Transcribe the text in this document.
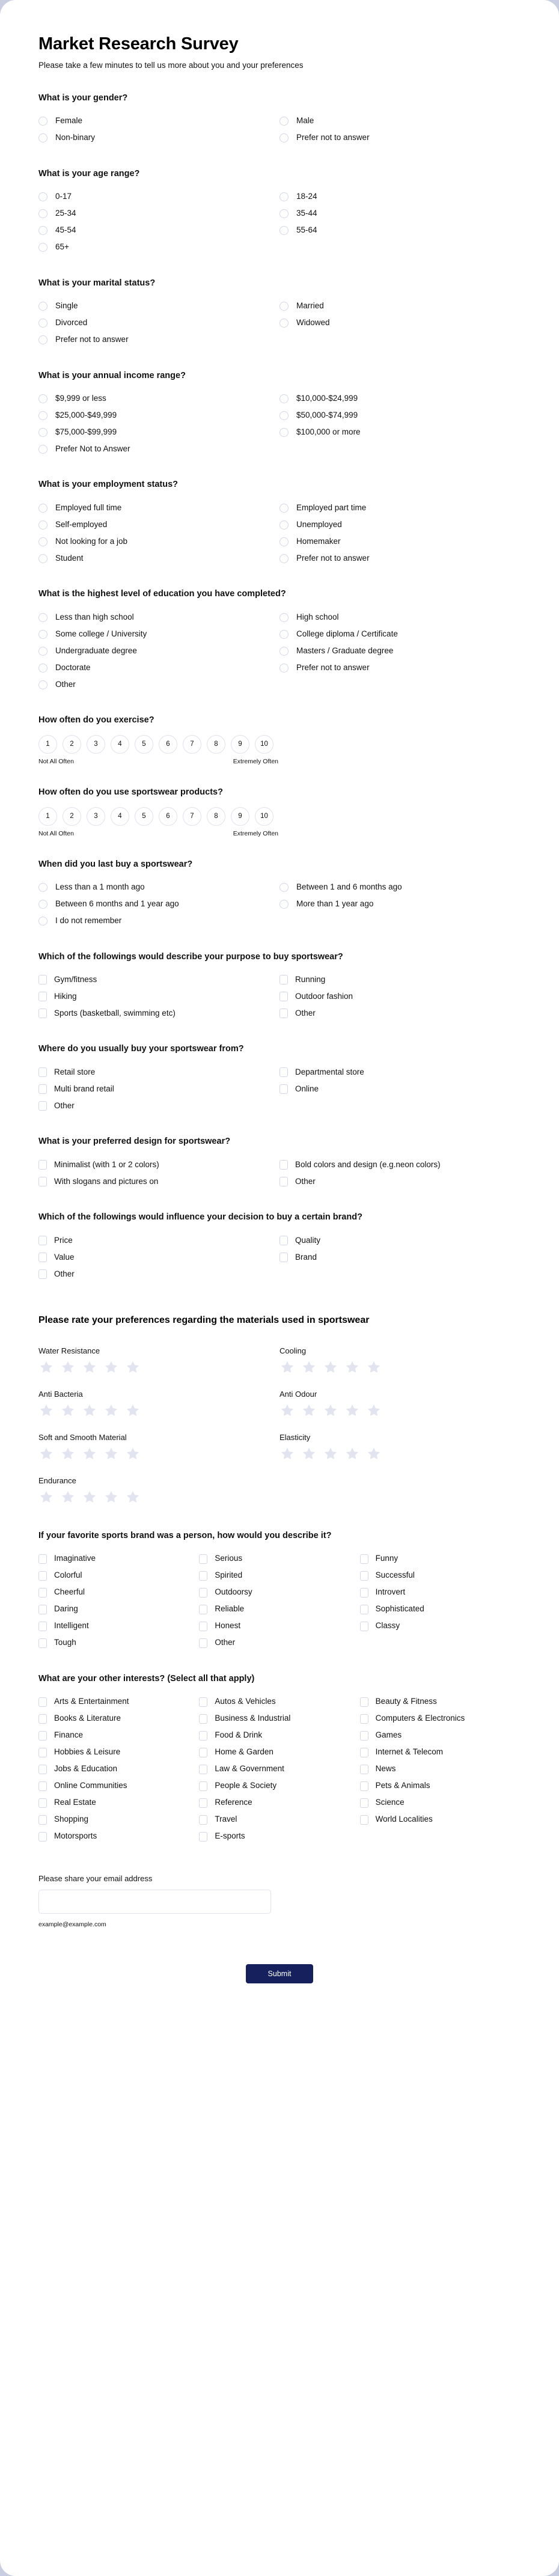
Market Research Survey

Please take a few minutes to tell us more about you and your preferences

What is your gender?
Female	Male
Non-binary	Prefer not to answer
What is your age range?
0-17	18-24
25-34	35-44
45-54	55-64
65+
What is your marital status?
Single	Married
Divorced	Widowed
Prefer not to answer
What is your annual income range?
$9,999 or less	$10,000-$24,999
$25,000-$49,999	$50,000-$74,999
$75,000-$99,999	$100,000 or more
Prefer Not to Answer
What is your employment status?
Employed full time	Employed part time
Self-employed	Unemployed
Not looking for a job	Homemaker
Student	Prefer not to answer
What is the highest level of education you have completed?
Less than high school	High school
Some college / University	College diploma / Certificate
Undergraduate degree	Masters / Graduate degree
Doctorate	Prefer not to answer
Other
How often do you exercise?
1	2	3	4	5	6	7	8	9	10
Not All Often	Extremely Often
How often do you use sportswear products?
1	2	3	4	5	6	7	8	9	10
Not All Often	Extremely Often
When did you last buy a sportswear?
Less than a 1 month ago	Between 1 and 6 months ago
Between 6 months and 1 year ago	More than 1 year ago
I do not remember
Which of the followings would describe your purpose to buy sportswear?
Gym/fitness	Running
Hiking	Outdoor fashion
Sports (basketball, swimming etc)	Other
Where do you usually buy your sportswear from?
Retail store	Departmental store
Multi brand retail	Online
Other
What is your preferred design for sportswear?
Minimalist (with 1 or 2 colors)	Bold colors and design (e.g.neon colors)
With slogans and pictures on	Other
Which of the followings would influence your decision to buy a certain brand?
Price	Quality
Value	Brand
Other
Please rate your preferences regarding the materials used in sportswear
Water Resistance	Cooling
Anti Bacteria	Anti Odour
Soft and Smooth Material	Elasticity
Endurance
If your favorite sports brand was a person, how would you describe it?
Imaginative	Serious	Funny
Colorful	Spirited	Successful
Cheerful	Outdoorsy	Introvert
Daring	Reliable	Sophisticated
Intelligent	Honest	Classy
Tough	Other
What are your other interests? (Select all that apply)
Arts & Entertainment	Autos & Vehicles	Beauty & Fitness
Books & Literature	Business & Industrial	Computers & Electronics
Finance	Food & Drink	Games
Hobbies & Leisure	Home & Garden	Internet & Telecom
Jobs & Education	Law & Government	News
Online Communities	People & Society	Pets & Animals
Real Estate	Reference	Science
Shopping	Travel	World Localities
Motorsports	E-sports
Please share your email address
example@example.com
Submit
